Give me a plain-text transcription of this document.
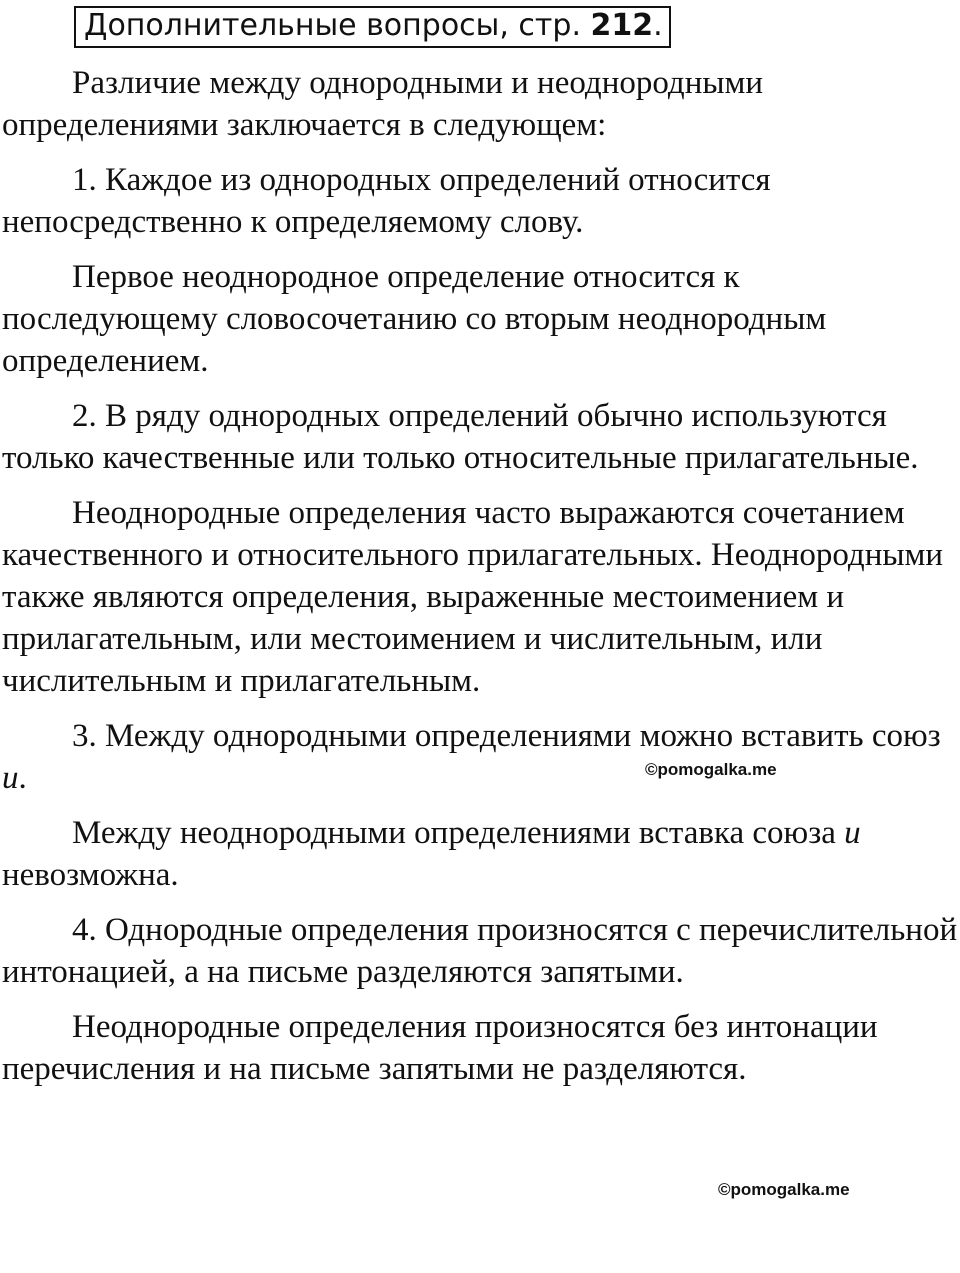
Дополнительные вопросы, стр. 212.

Различие между однородными и неоднородными определениями заключается в следующем:

1. Каждое из однородных определений относится непосредственно к определяемому слову.

Первое неоднородное определение относится к последующему словосочетанию со вторым неоднородным определением.

2. В ряду однородных определений обычно используются только качественные или только относительные прилагательные.

Неоднородные определения часто выражаются сочетанием качественного и относительного прилагательных. Неоднородными также являются определения, выраженные местоимением и прилагательным, или местоимением и числительным, или числительным и прилагательным.

3. Между однородными определениями можно вставить союз и.

Между неоднородными определениями вставка союза и невозможна.

4. Однородные определения произносятся с перечислительной интонацией, а на письме разделяются запятыми.

Неоднородные определения произносятся без интонации перечисления и на письме запятыми не разделяются.

©pomogalka.me
©pomogalka.me
